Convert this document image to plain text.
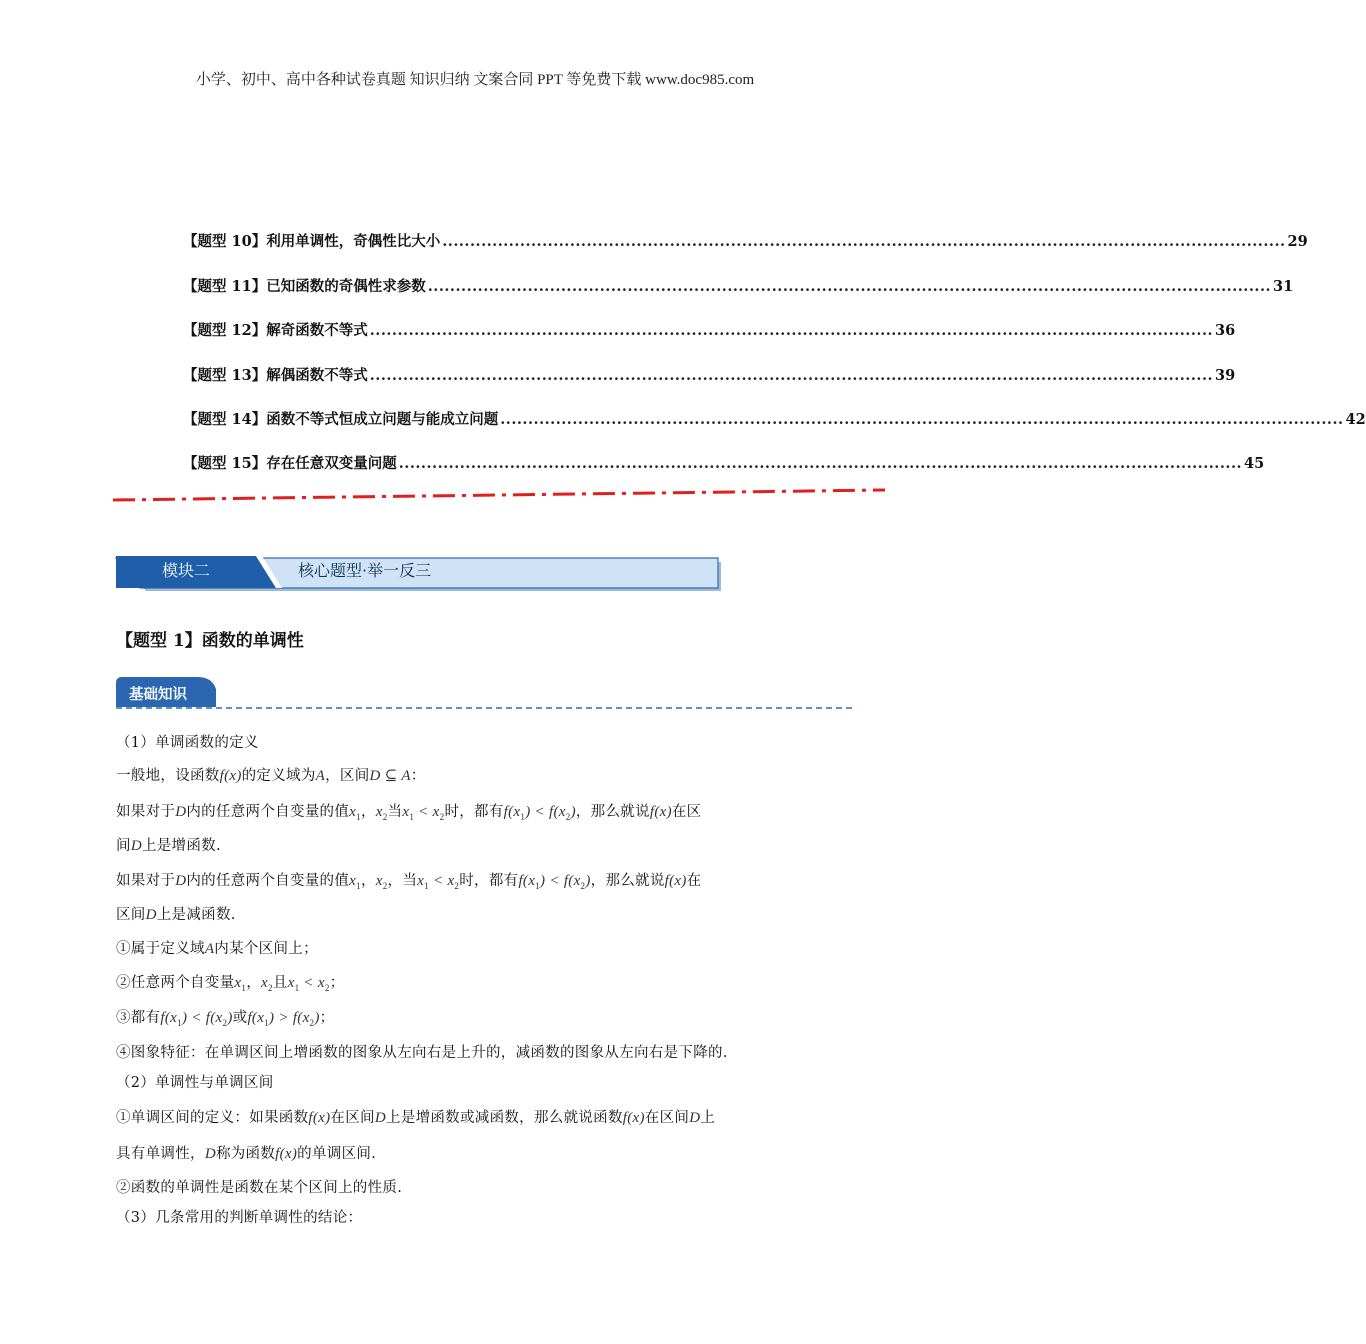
小学、初中、高中各种试卷真题 知识归纳 文案合同 PPT 等免费下载 www.doc985.com
【题型 10】利用单调性，奇偶性比大小 ........................................................................................................................................................ 29
【题型 11】已知函数的奇偶性求参数 ........................................................................................................................................................ 31
【题型 12】解奇函数不等式 ........................................................................................................................................................ 36
【题型 13】解偶函数不等式 ........................................................................................................................................................ 39
【题型 14】函数不等式恒成立问题与能成立问题 ........................................................................................................................................................ 42
【题型 15】存在任意双变量问题 ........................................................................................................................................................ 45
模块二	核心题型·举一反三
【题型 1】函数的单调性
基础知识
（1）单调函数的定义
一般地，设函数f(x)的定义域为A，区间D ⊆ A：
如果对于D内的任意两个自变量的值$x_1$，$x_2$当$x_1 < x_2$时，都有$f(x_1) < f(x_2)$，那么就说f(x)在区
间D上是增函数.
如果对于D内的任意两个自变量的值$x_1$，$x_2$，当$x_1 < x_2$时，都有$f(x_1) < f(x_2)$，那么就说f(x)在
区间D上是减函数.
①属于定义域A内某个区间上；
②任意两个自变量$x_1$，$x_2$且$x_1 < x_2$；
③都有$f(x_1) < f(x_2)$或$f(x_1) > f(x_2)$；
④图象特征：在单调区间上增函数的图象从左向右是上升的，减函数的图象从左向右是下降的.
（2）单调性与单调区间
①单调区间的定义：如果函数f(x)在区间D上是增函数或减函数，那么就说函数f(x)在区间D上
具有单调性，D称为函数f(x)的单调区间.
②函数的单调性是函数在某个区间上的性质.
（3）几条常用的判断单调性的结论：
